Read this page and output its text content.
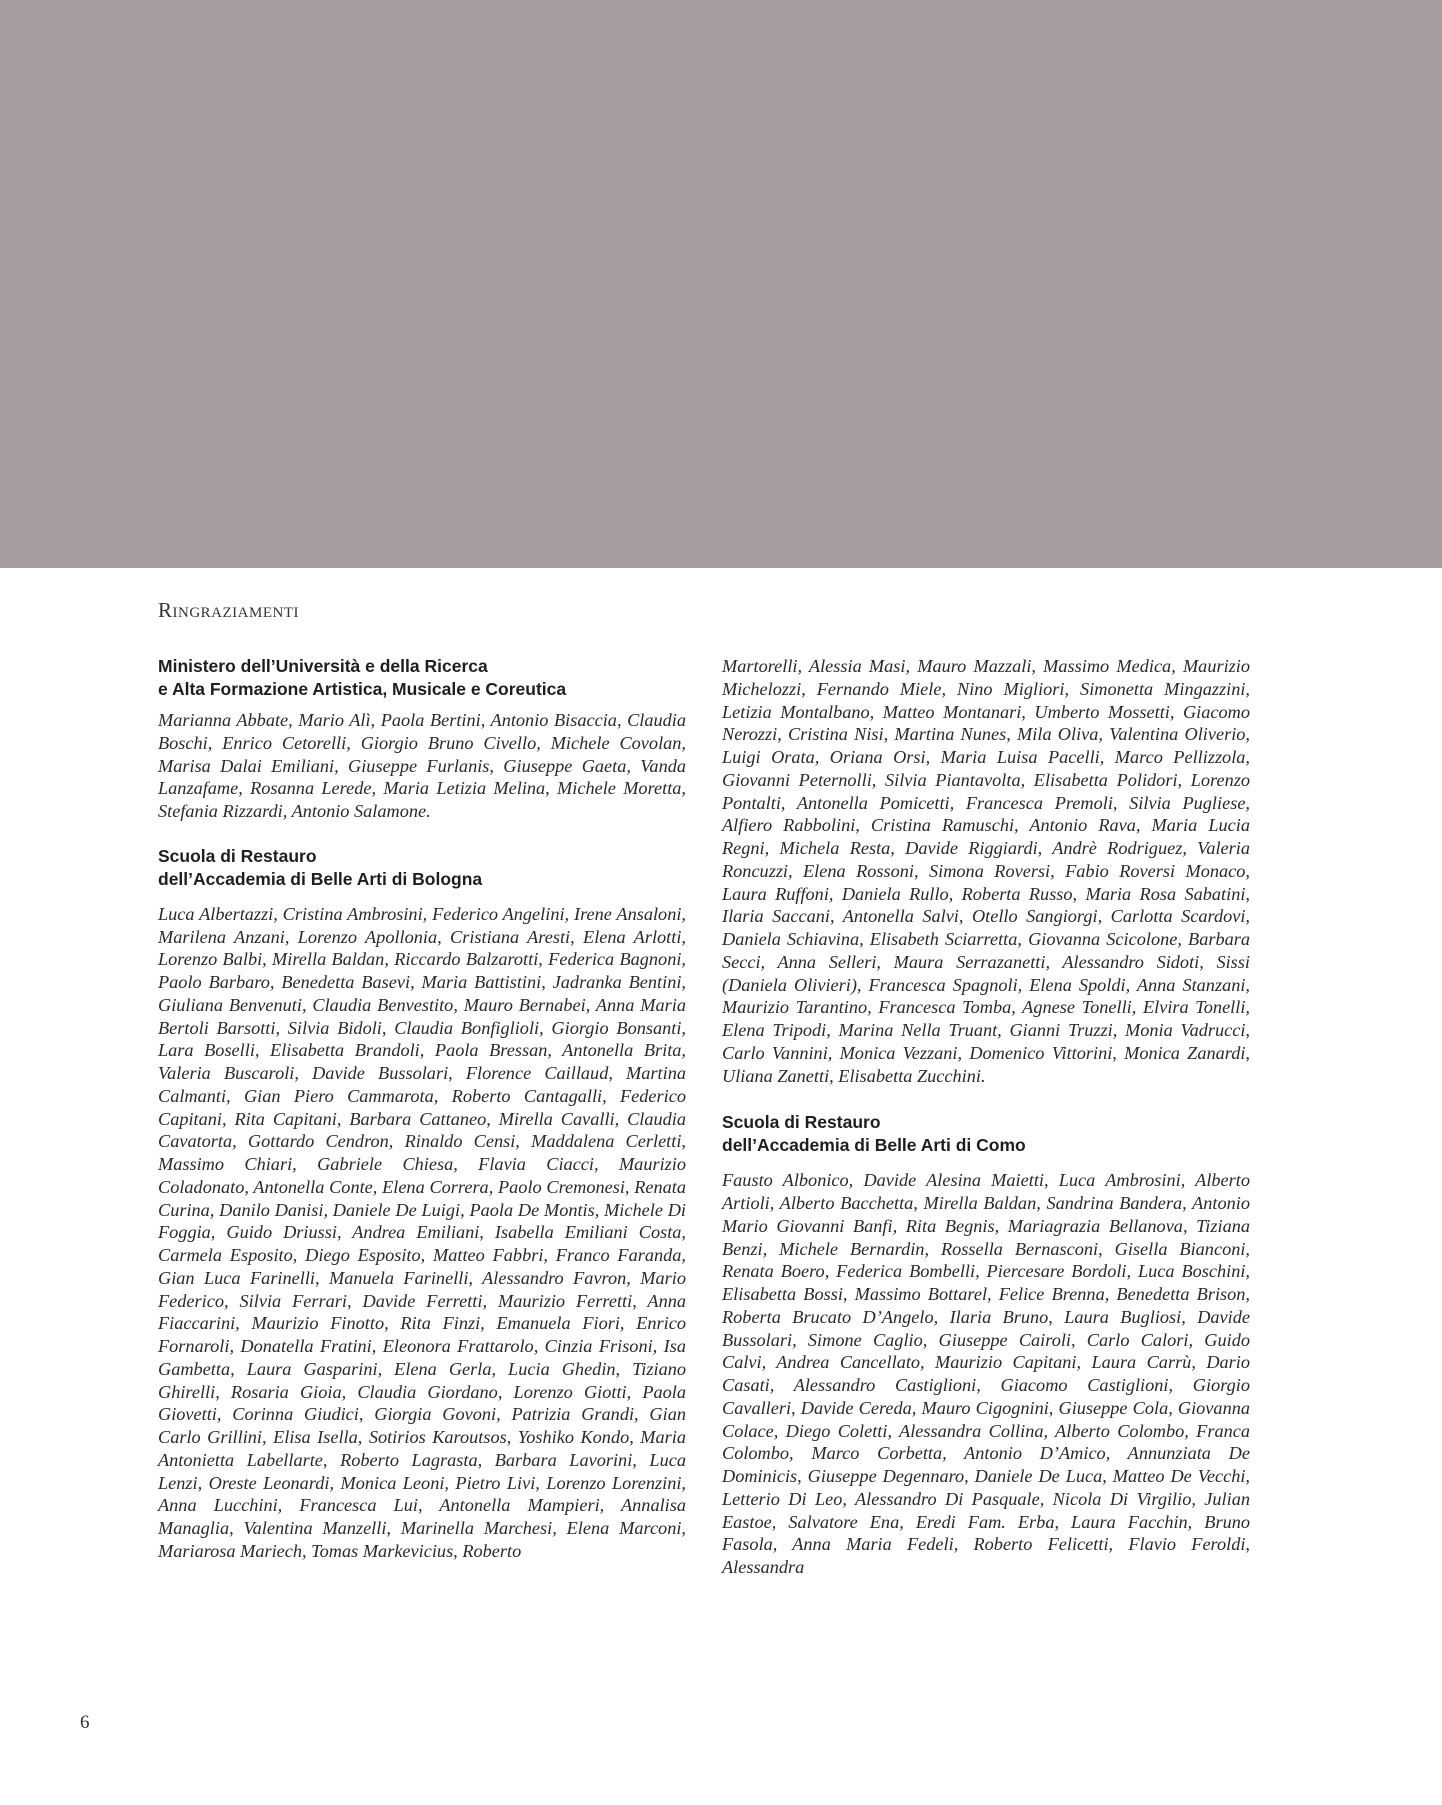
Ringraziamenti
Ministero dell’Università e della Ricerca
e Alta Formazione Artistica, Musicale e Coreutica

Marianna Abbate, Mario Alì, Paola Bertini, Antonio Bisaccia, Claudia Boschi, Enrico Cetorelli, Giorgio Bruno Civello, Michele Covolan, Marisa Dalai Emiliani, Giuseppe Furlanis, Giuseppe Gaeta, Vanda Lanzafame, Rosanna Lerede, Maria Letizia Melina, Michele Moretta, Stefania Rizzardi, Antonio Salamone.

Scuola di Restauro
dell’Accademia di Belle Arti di Bologna

Luca Albertazzi, Cristina Ambrosini, Federico Angelini, Irene Ansaloni, Marilena Anzani, Lorenzo Apollonia, Cristiana Aresti, Elena Arlotti, Lorenzo Balbi, Mirella Baldan, Riccardo Balzarotti, Federica Bagnoni, Paolo Barbaro, Benedetta Basevi, Maria Battistini, Jadranka Bentini, Giuliana Benvenuti, Claudia Benvestito, Mauro Bernabei, Anna Maria Bertoli Barsotti, Silvia Bidoli, Claudia Bonfiglioli, Giorgio Bonsanti, Lara Boselli, Elisabetta Brandoli, Paola Bressan, Antonella Brita, Valeria Buscaroli, Davide Bussolari, Florence Caillaud, Martina Calmanti, Gian Piero Cammarota, Roberto Cantagalli, Federico Capitani, Rita Capitani, Barbara Cattaneo, Mirella Cavalli, Claudia Cavatorta, Gottardo Cendron, Rinaldo Censi, Maddalena Cerletti, Massimo Chiari, Gabriele Chiesa, Flavia Ciacci, Maurizio Coladonato, Antonella Conte, Elena Correra, Paolo Cremonesi, Renata Curina, Danilo Danisi, Daniele De Luigi, Paola De Montis, Michele Di Foggia, Guido Driussi, Andrea Emiliani, Isabella Emiliani Costa, Carmela Esposito, Diego Esposito, Matteo Fabbri, Franco Faranda, Gian Luca Farinelli, Manuela Farinelli, Alessandro Favron, Mario Federico, Silvia Ferrari, Davide Ferretti, Maurizio Ferretti, Anna Fiaccarini, Maurizio Finotto, Rita Finzi, Emanuela Fiori, Enrico Fornaroli, Donatella Fratini, Eleonora Frattarolo, Cinzia Frisoni, Isa Gambetta, Laura Gasparini, Elena Gerla, Lucia Ghedin, Tiziano Ghirelli, Rosaria Gioia, Claudia Giordano, Lorenzo Giotti, Paola Giovetti, Corinna Giudici, Giorgia Govoni, Patrizia Grandi, Gian Carlo Grillini, Elisa Isella, Sotirios Karoutsos, Yoshiko Kondo, Maria Antonietta Labellarte, Roberto Lagrasta, Barbara Lavorini, Luca Lenzi, Oreste Leonardi, Monica Leoni, Pietro Livi, Lorenzo Lorenzini, Anna Lucchini, Francesca Lui, Antonella Mampieri, Annalisa Managlia, Valentina Manzelli, Marinella Marchesi, Elena Marconi, Mariarosa Mariech, Tomas Markevicius, Roberto

Martorelli, Alessia Masi, Mauro Mazzali, Massimo Medica, Maurizio Michelozzi, Fernando Miele, Nino Migliori, Simonetta Mingazzini, Letizia Montalbano, Matteo Montanari, Umberto Mossetti, Giacomo Nerozzi, Cristina Nisi, Martina Nunes, Mila Oliva, Valentina Oliverio, Luigi Orata, Oriana Orsi, Maria Luisa Pacelli, Marco Pellizzola, Giovanni Peternolli, Silvia Piantavolta, Elisabetta Polidori, Lorenzo Pontalti, Antonella Pomicetti, Francesca Premoli, Silvia Pugliese, Alfiero Rabbolini, Cristina Ramuschi, Antonio Rava, Maria Lucia Regni, Michela Resta, Davide Riggiardi, Andrè Rodriguez, Valeria Roncuzzi, Elena Rossoni, Simona Roversi, Fabio Roversi Monaco, Laura Ruffoni, Daniela Rullo, Roberta Russo, Maria Rosa Sabatini, Ilaria Saccani, Antonella Salvi, Otello Sangiorgi, Carlotta Scardovi, Daniela Schiavina, Elisabeth Sciarretta, Giovanna Scicolone, Barbara Secci, Anna Selleri, Maura Serrazanetti, Alessandro Sidoti, Sissi (Daniela Olivieri), Francesca Spagnoli, Elena Spoldi, Anna Stanzani, Maurizio Tarantino, Francesca Tomba, Agnese Tonelli, Elvira Tonelli, Elena Tripodi, Marina Nella Truant, Gianni Truzzi, Monia Vadrucci, Carlo Vannini, Monica Vezzani, Domenico Vittorini, Monica Zanardi, Uliana Zanetti, Elisabetta Zucchini.

Scuola di Restauro
dell’Accademia di Belle Arti di Como

Fausto Albonico, Davide Alesina Maietti, Luca Ambrosini, Alberto Artioli, Alberto Bacchetta, Mirella Baldan, Sandrina Bandera, Antonio Mario Giovanni Banfi, Rita Begnis, Mariagrazia Bellanova, Tiziana Benzi, Michele Bernardin, Rossella Bernasconi, Gisella Bianconi, Renata Boero, Federica Bombelli, Piercesare Bordoli, Luca Boschini, Elisabetta Bossi, Massimo Bottarel, Felice Brenna, Benedetta Brison, Roberta Brucato D’Angelo, Ilaria Bruno, Laura Bugliosi, Davide Bussolari, Simone Caglio, Giuseppe Cairoli, Carlo Calori, Guido Calvi, Andrea Cancellato, Maurizio Capitani, Laura Carrù, Dario Casati, Alessandro Castiglioni, Giacomo Castiglioni, Giorgio Cavalleri, Davide Cereda, Mauro Cigognini, Giuseppe Cola, Giovanna Colace, Diego Coletti, Alessandra Collina, Alberto Colombo, Franca Colombo, Marco Corbetta, Antonio D’Amico, Annunziata De Dominicis, Giuseppe Degennaro, Daniele De Luca, Matteo De Vecchi, Letterio Di Leo, Alessandro Di Pasquale, Nicola Di Virgilio, Julian Eastoe, Salvatore Ena, Eredi Fam. Erba, Laura Facchin, Bruno Fasola, Anna Maria Fedeli, Roberto Felicetti, Flavio Feroldi, Alessandra

6
